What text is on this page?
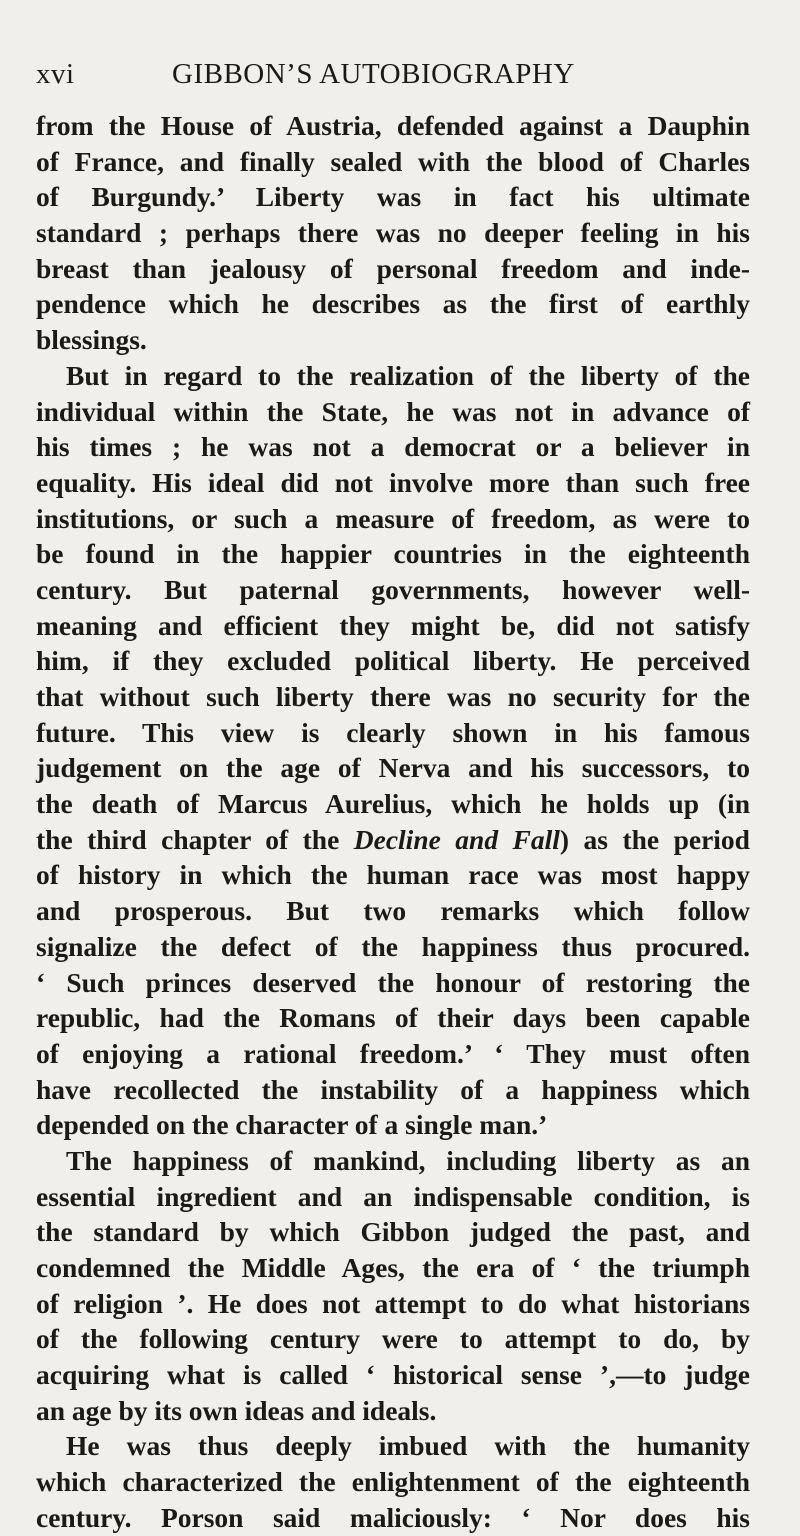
xvi	GIBBON’S AUTOBIOGRAPHY
from the House of Austria, defended against a Dauphin
of France, and finally sealed with the blood of Charles
of Burgundy.’ Liberty was in fact his ultimate
standard ; perhaps there was no deeper feeling in his
breast than jealousy of personal freedom and inde-
pendence which he describes as the first of earthly
blessings.
But in regard to the realization of the liberty of the
individual within the State, he was not in advance of
his times ; he was not a democrat or a believer in
equality. His ideal did not involve more than such free
institutions, or such a measure of freedom, as were to
be found in the happier countries in the eighteenth
century. But paternal governments, however well-
meaning and efficient they might be, did not satisfy
him, if they excluded political liberty. He perceived
that without such liberty there was no security for the
future. This view is clearly shown in his famous
judgement on the age of Nerva and his successors, to
the death of Marcus Aurelius, which he holds up (in
the third chapter of the Decline and Fall) as the period
of history in which the human race was most happy
and prosperous. But two remarks which follow
signalize the defect of the happiness thus procured.
‘ Such princes deserved the honour of restoring the
republic, had the Romans of their days been capable
of enjoying a rational freedom.’ ‘ They must often
have recollected the instability of a happiness which
depended on the character of a single man.’
The happiness of mankind, including liberty as an
essential ingredient and an indispensable condition, is
the standard by which Gibbon judged the past, and
condemned the Middle Ages, the era of ‘ the triumph
of religion ’. He does not attempt to do what historians
of the following century were to attempt to do, by
acquiring what is called ‘ historical sense ’,—to judge
an age by its own ideas and ideals.
He was thus deeply imbued with the humanity
which characterized the enlightenment of the eighteenth
century. Porson said maliciously: ‘ Nor does his
